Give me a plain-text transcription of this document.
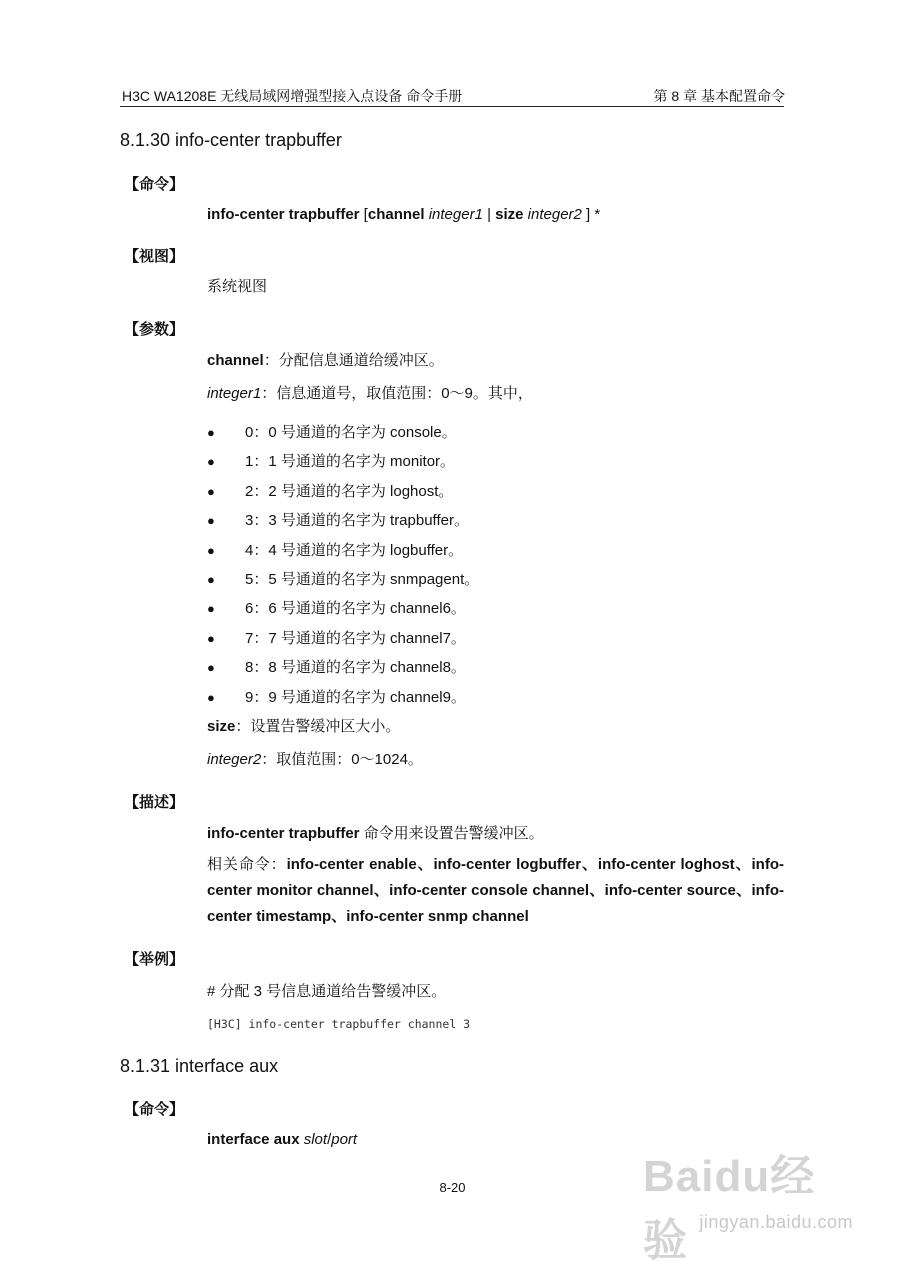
H3C WA1208E 无线局域网增强型接入点设备 命令手册	第 8 章 基本配置命令
8.1.30 info-center trapbuffer
【命令】
info-center trapbuffer [channel integer1 | size integer2 ] *
【视图】
系统视图
【参数】
channel：分配信息通道给缓冲区。
integer1：信息通道号，取值范围：0～9。其中，
● 0：0 号通道的名字为 console。
● 1：1 号通道的名字为 monitor。
● 2：2 号通道的名字为 loghost。
● 3：3 号通道的名字为 trapbuffer。
● 4：4 号通道的名字为 logbuffer。
● 5：5 号通道的名字为 snmpagent。
● 6：6 号通道的名字为 channel6。
● 7：7 号通道的名字为 channel7。
● 8：8 号通道的名字为 channel8。
● 9：9 号通道的名字为 channel9。
size：设置告警缓冲区大小。
integer2：取值范围：0～1024。
【描述】
info-center trapbuffer 命令用来设置告警缓冲区。
相关命令：info-center enable、info-center logbuffer、info-center loghost、info-center monitor channel、info-center console channel、info-center source、info-center timestamp、info-center snmp channel
【举例】
# 分配 3 号信息通道给告警缓冲区。
[H3C] info-center trapbuffer channel 3
8.1.31 interface aux
【命令】
interface aux slot/port
8-20	Baidu经验 jingyan.baidu.com
